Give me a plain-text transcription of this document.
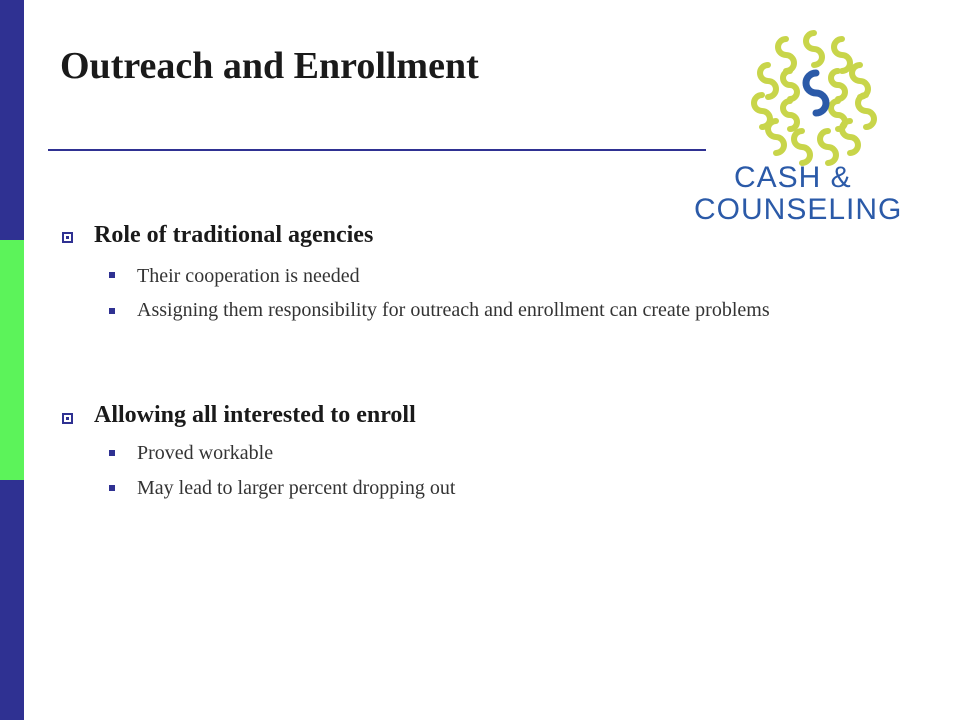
Outreach and Enrollment
CASH &
COUNSELING
Role of traditional agencies
Their cooperation is needed
Assigning them responsibility for outreach and enrollment can create problems
Allowing all interested to enroll
Proved workable
May lead to larger percent dropping out
